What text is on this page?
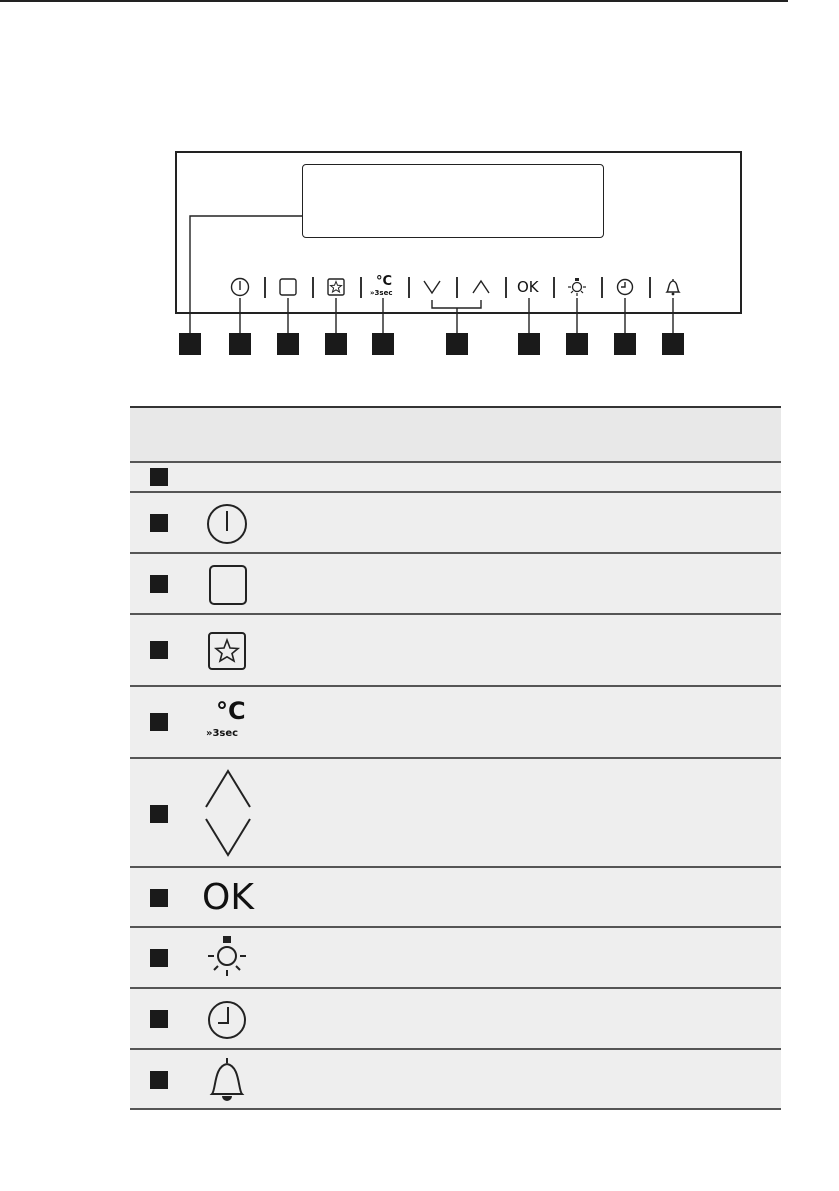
°C
»3sec	OK
°C
»3sec
OK
